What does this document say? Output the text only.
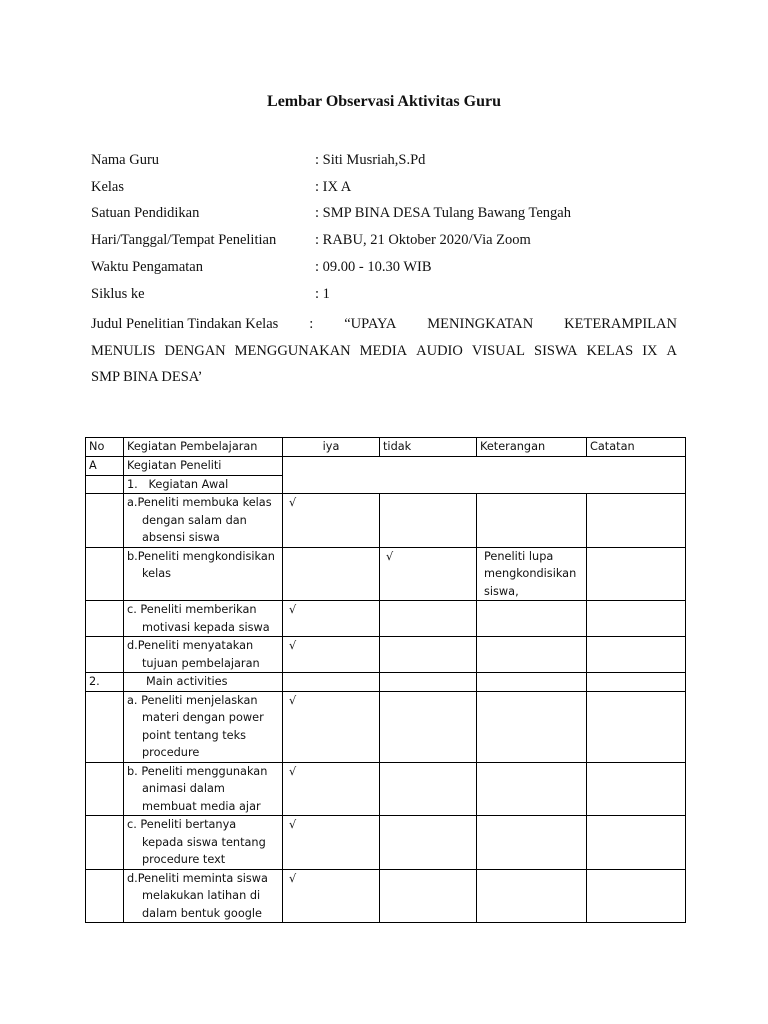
Lembar Observasi Aktivitas Guru
Nama Guru	: Siti Musriah,S.Pd
Kelas	: IX A
Satuan Pendidikan	: SMP BINA DESA Tulang Bawang Tengah
Hari/Tanggal/Tempat Penelitian	: RABU, 21 Oktober 2020/Via Zoom
Waktu Pengamatan	: 09.00 - 10.30 WIB
Siklus ke	: 1
Judul Penelitian Tindakan Kelas : “UPAYA MENINGKATAN KETERAMPILAN
MENULIS DENGAN MENGGUNAKAN MEDIA AUDIO VISUAL SISWA KELAS IX A
SMP BINA DESA’
No	Kegiatan Pembelajaran	iya	tidak	Keterangan	Catatan
A	Kegiatan Peneliti				
	1.   Kegiatan Awal				

	a.Peneliti membuka kelas dengan salam dan absensi siswa	√			

	b.Peneliti mengkondisikan kelas		√	Peneliti lupa mengkondisikan siswa,	

	c. Peneliti memberikan motivasi kepada siswa	√			

	d.Peneliti menyatakan tujuan pembelajaran	√			
2.	Main activities				

	a. Peneliti menjelaskan materi dengan power point tentang teks procedure	√			

	b. Peneliti menggunakan animasi dalam membuat media ajar	√			

	c. Peneliti bertanya kepada siswa tentang procedure text	√			

	d.Peneliti meminta siswa melakukan latihan di dalam bentuk google	√			
